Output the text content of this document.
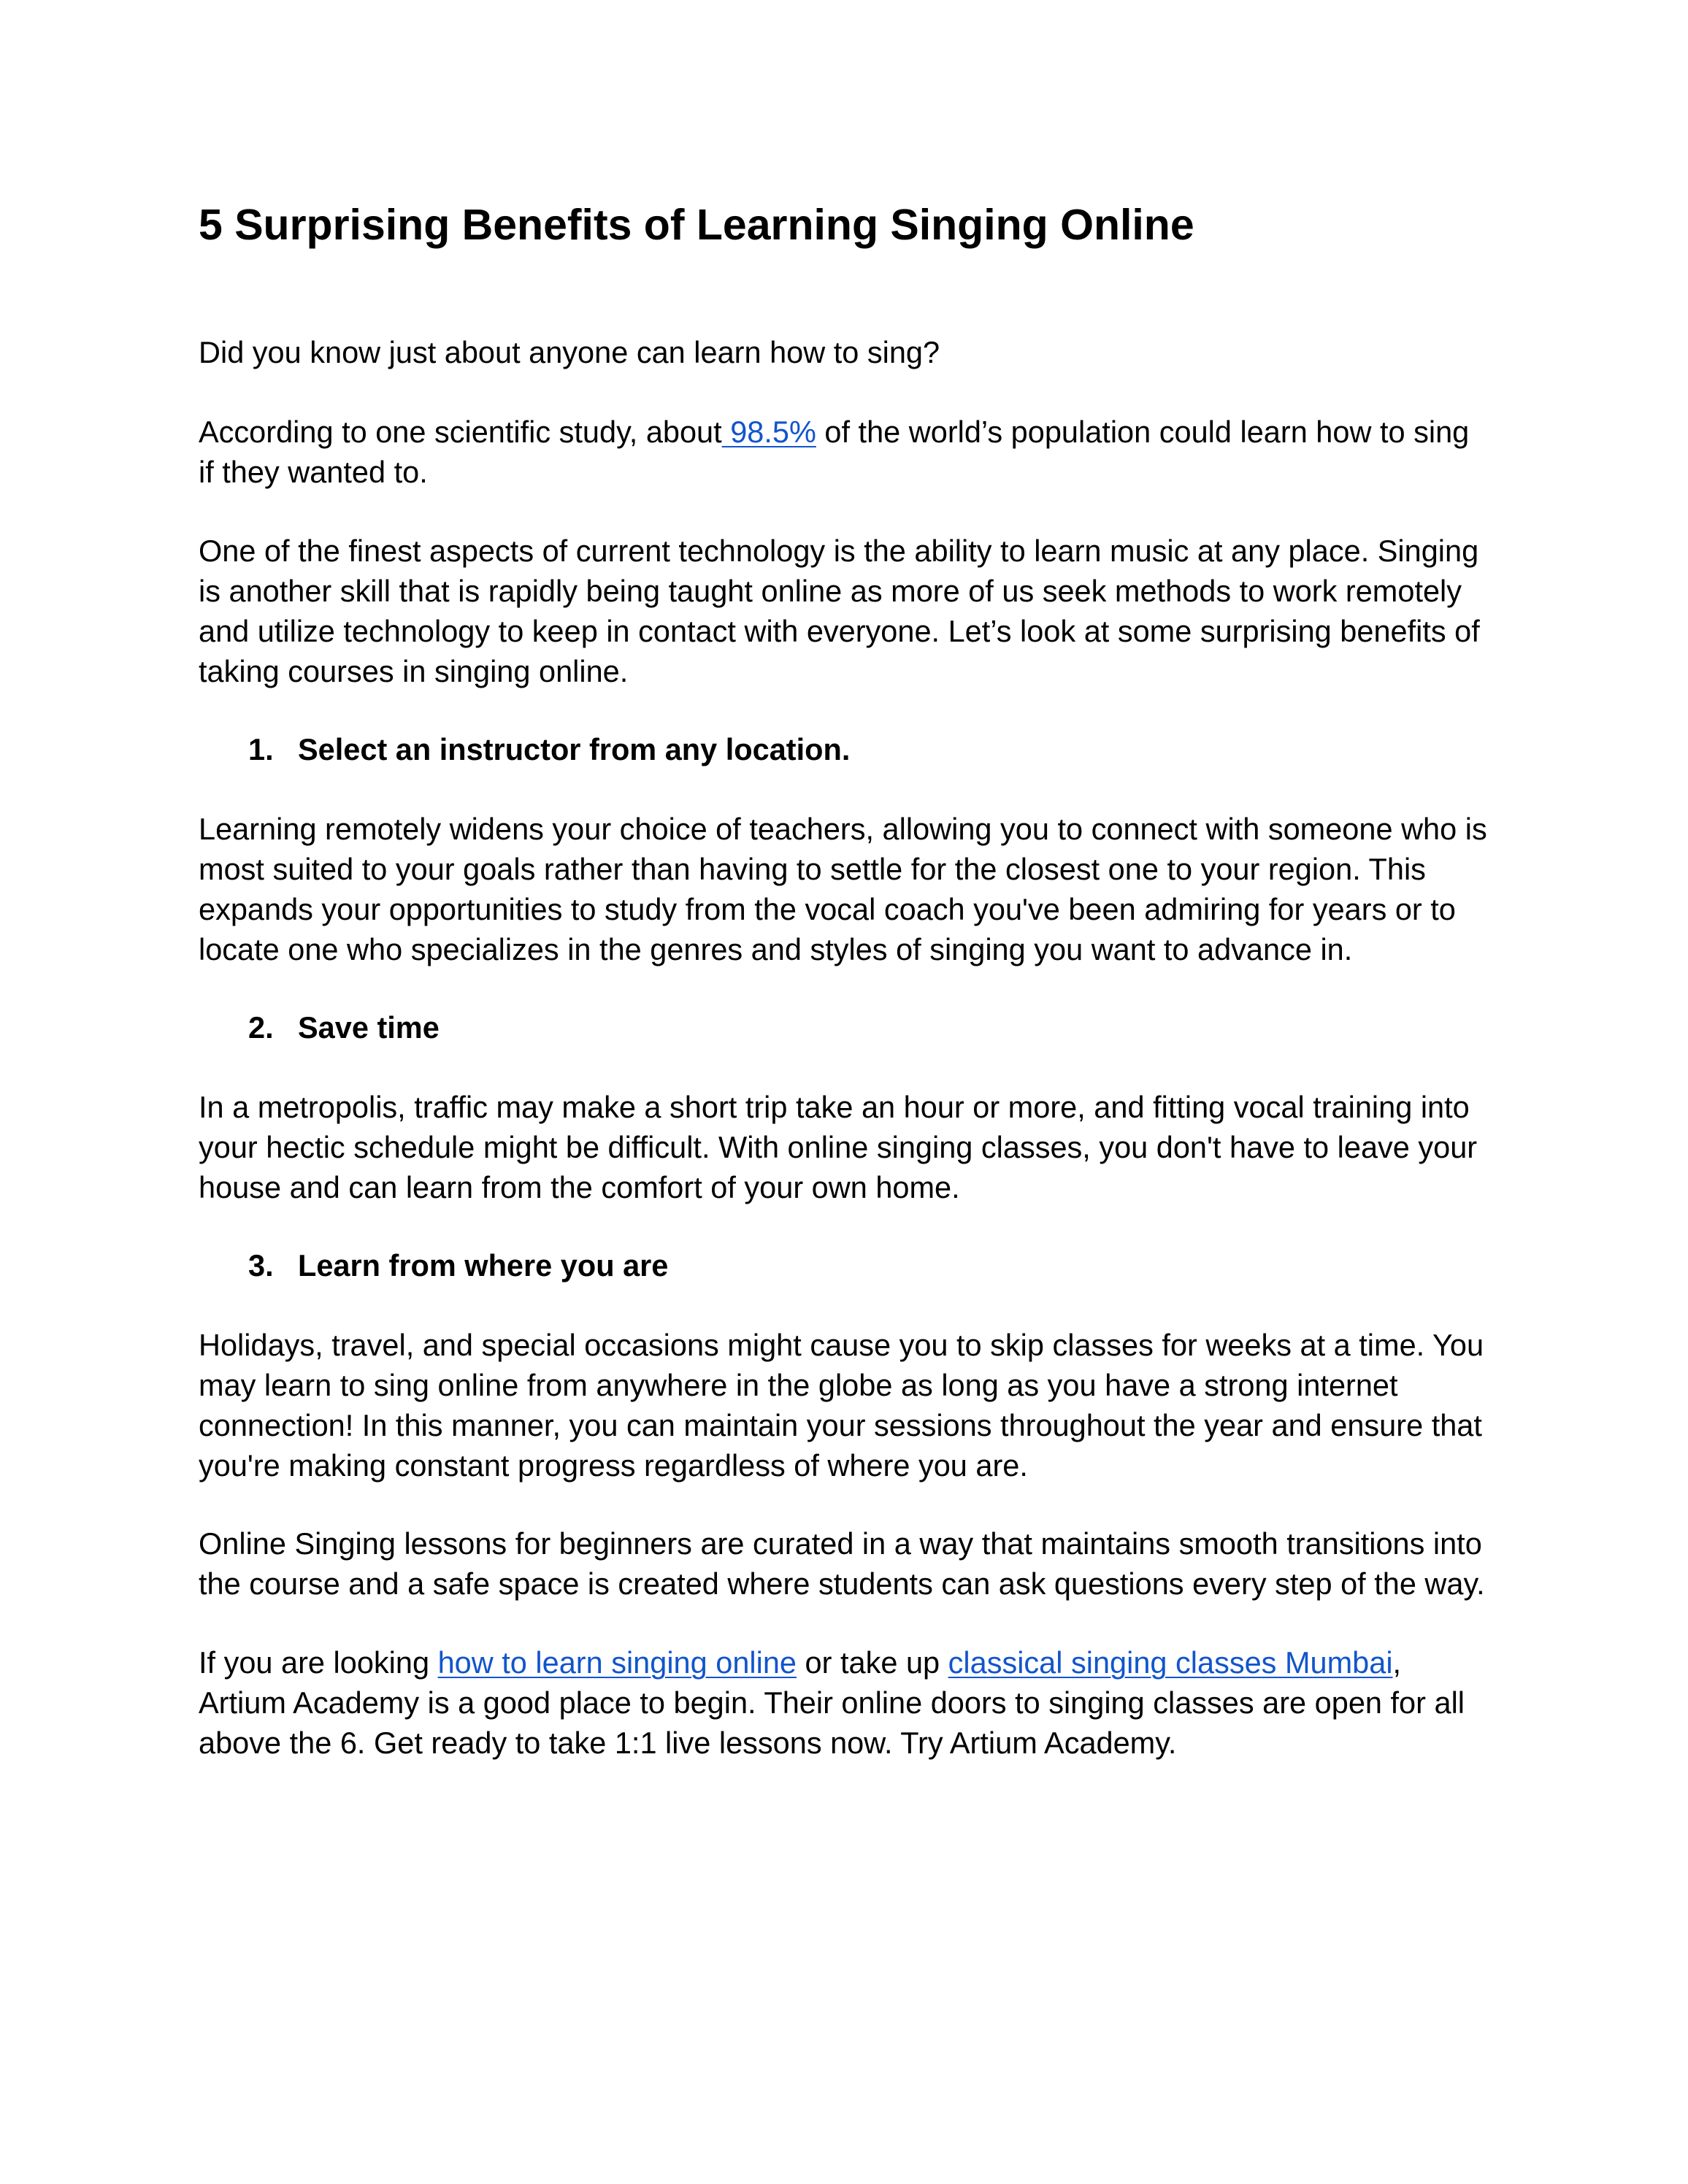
5 Surprising Benefits of Learning Singing Online

Did you know just about anyone can learn how to sing?

According to one scientific study, about 98.5% of the world’s population could learn how to sing
if they wanted to.

One of the finest aspects of current technology is the ability to learn music at any place. Singing
is another skill that is rapidly being taught online as more of us seek methods to work remotely
and utilize technology to keep in contact with everyone. Let’s look at some surprising benefits of
taking courses in singing online.

1. Select an instructor from any location.

Learning remotely widens your choice of teachers, allowing you to connect with someone who is
most suited to your goals rather than having to settle for the closest one to your region. This
expands your opportunities to study from the vocal coach you've been admiring for years or to
locate one who specializes in the genres and styles of singing you want to advance in.

2. Save time

In a metropolis, traffic may make a short trip take an hour or more, and fitting vocal training into
your hectic schedule might be difficult. With online singing classes, you don't have to leave your
house and can learn from the comfort of your own home.

3. Learn from where you are

Holidays, travel, and special occasions might cause you to skip classes for weeks at a time. You
may learn to sing online from anywhere in the globe as long as you have a strong internet
connection! In this manner, you can maintain your sessions throughout the year and ensure that
you're making constant progress regardless of where you are.

Online Singing lessons for beginners are curated in a way that maintains smooth transitions into
the course and a safe space is created where students can ask questions every step of the way.

If you are looking how to learn singing online or take up classical singing classes Mumbai,
Artium Academy is a good place to begin. Their online doors to singing classes are open for all
above the 6. Get ready to take 1:1 live lessons now. Try Artium Academy.
